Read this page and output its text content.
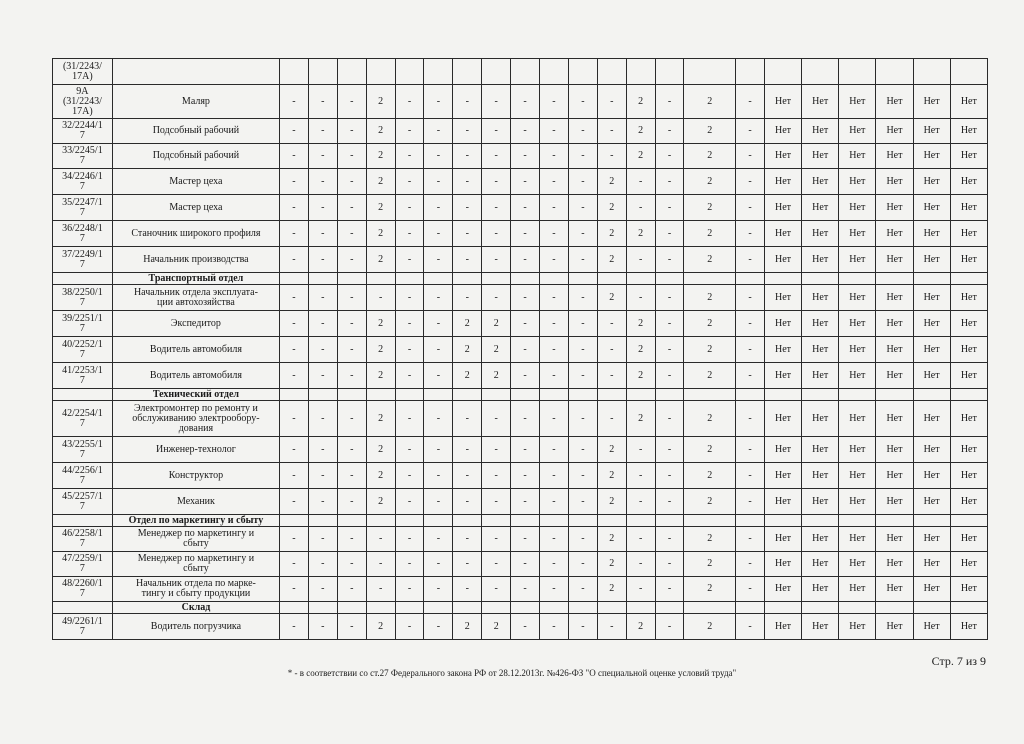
(31/2243/
17А)																							
9А
(31/2243/
17А)	Маляр	-	-	-	2	-	-	-	-	-	-	-	-	2	-	2	-	Нет	Нет	Нет	Нет	Нет	Нет
32/2244/1
7	Подсобный рабочий	-	-	-	2	-	-	-	-	-	-	-	-	2	-	2	-	Нет	Нет	Нет	Нет	Нет	Нет
33/2245/1
7	Подсобный рабочий	-	-	-	2	-	-	-	-	-	-	-	-	2	-	2	-	Нет	Нет	Нет	Нет	Нет	Нет
34/2246/1
7	Мастер цеха	-	-	-	2	-	-	-	-	-	-	-	2	-	-	2	-	Нет	Нет	Нет	Нет	Нет	Нет
35/2247/1
7	Мастер цеха	-	-	-	2	-	-	-	-	-	-	-	2	-	-	2	-	Нет	Нет	Нет	Нет	Нет	Нет
36/2248/1
7	Станочник широкого профиля	-	-	-	2	-	-	-	-	-	-	-	2	2	-	2	-	Нет	Нет	Нет	Нет	Нет	Нет
37/2249/1
7	Начальник производства	-	-	-	2	-	-	-	-	-	-	-	2	-	-	2	-	Нет	Нет	Нет	Нет	Нет	Нет
	Транспортный отдел																						
38/2250/1
7	Начальник отдела эксплуата-
ции автохозяйства	-	-	-	-	-	-	-	-	-	-	-	2	-	-	2	-	Нет	Нет	Нет	Нет	Нет	Нет
39/2251/1
7	Экспедитор	-	-	-	2	-	-	2	2	-	-	-	-	2	-	2	-	Нет	Нет	Нет	Нет	Нет	Нет
40/2252/1
7	Водитель автомобиля	-	-	-	2	-	-	2	2	-	-	-	-	2	-	2	-	Нет	Нет	Нет	Нет	Нет	Нет
41/2253/1
7	Водитель автомобиля	-	-	-	2	-	-	2	2	-	-	-	-	2	-	2	-	Нет	Нет	Нет	Нет	Нет	Нет
	Технический отдел																						
42/2254/1
7	Электромонтер по ремонту и
обслуживанию электрообору-
дования	-	-	-	2	-	-	-	-	-	-	-	-	2	-	2	-	Нет	Нет	Нет	Нет	Нет	Нет
43/2255/1
7	Инженер-технолог	-	-	-	2	-	-	-	-	-	-	-	2	-	-	2	-	Нет	Нет	Нет	Нет	Нет	Нет
44/2256/1
7	Конструктор	-	-	-	2	-	-	-	-	-	-	-	2	-	-	2	-	Нет	Нет	Нет	Нет	Нет	Нет
45/2257/1
7	Механик	-	-	-	2	-	-	-	-	-	-	-	2	-	-	2	-	Нет	Нет	Нет	Нет	Нет	Нет
	Отдел по маркетингу и сбыту																						
46/2258/1
7	Менеджер по маркетингу и
сбыту	-	-	-	-	-	-	-	-	-	-	-	2	-	-	2	-	Нет	Нет	Нет	Нет	Нет	Нет
47/2259/1
7	Менеджер по маркетингу и
сбыту	-	-	-	-	-	-	-	-	-	-	-	2	-	-	2	-	Нет	Нет	Нет	Нет	Нет	Нет
48/2260/1
7	Начальник отдела по марке-
тингу и сбыту продукции	-	-	-	-	-	-	-	-	-	-	-	2	-	-	2	-	Нет	Нет	Нет	Нет	Нет	Нет
	Склад																						
49/2261/1
7	Водитель погрузчика	-	-	-	2	-	-	2	2	-	-	-	-	2	-	2	-	Нет	Нет	Нет	Нет	Нет	Нет
Стр. 7 из 9
* - в соответствии со ст.27 Федерального закона РФ от 28.12.2013г. №426-ФЗ "О специальной оценке условий труда"
